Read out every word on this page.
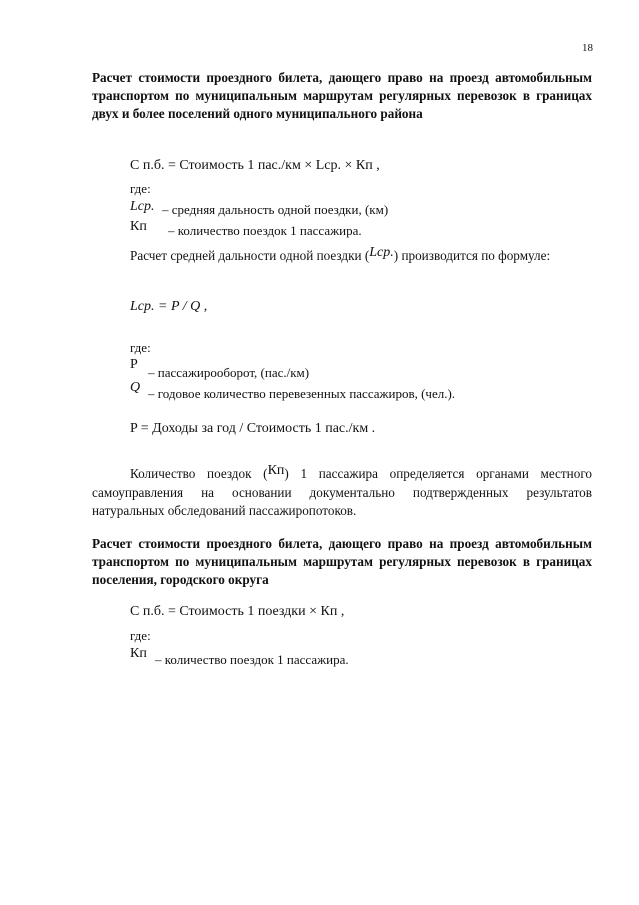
18
Расчет стоимости проездного билета, дающего право на проезд автомобильным транспортом по муниципальным маршрутам регулярных перевозок в границах двух и более поселений одного муниципального района
С п.б. = Стоимость 1 пас./км × Lср. × Кп ,
где:
Lср. – средняя дальность одной поездки, (км)
Кп – количество поездок 1 пассажира.
Расчет средней дальности одной поездки (Lср.) производится по формуле:
Lср. = P / Q ,
где:
P
– пассажирооборот, (пас./км)
Q – годовое количество перевезенных пассажиров, (чел.).
P = Доходы за год / Стоимость 1 пас./км .
Количество поездок (Кп) 1 пассажира определяется органами местного самоуправления на основании документально подтвержденных результатов натуральных обследований пассажиропотоков.
Расчет стоимости проездного билета, дающего право на проезд автомобильным транспортом по муниципальным маршрутам регулярных перевозок в границах поселения, городского округа
С п.б. = Стоимость 1 поездки × Кп ,
где:
Кп – количество поездок 1 пассажира.
